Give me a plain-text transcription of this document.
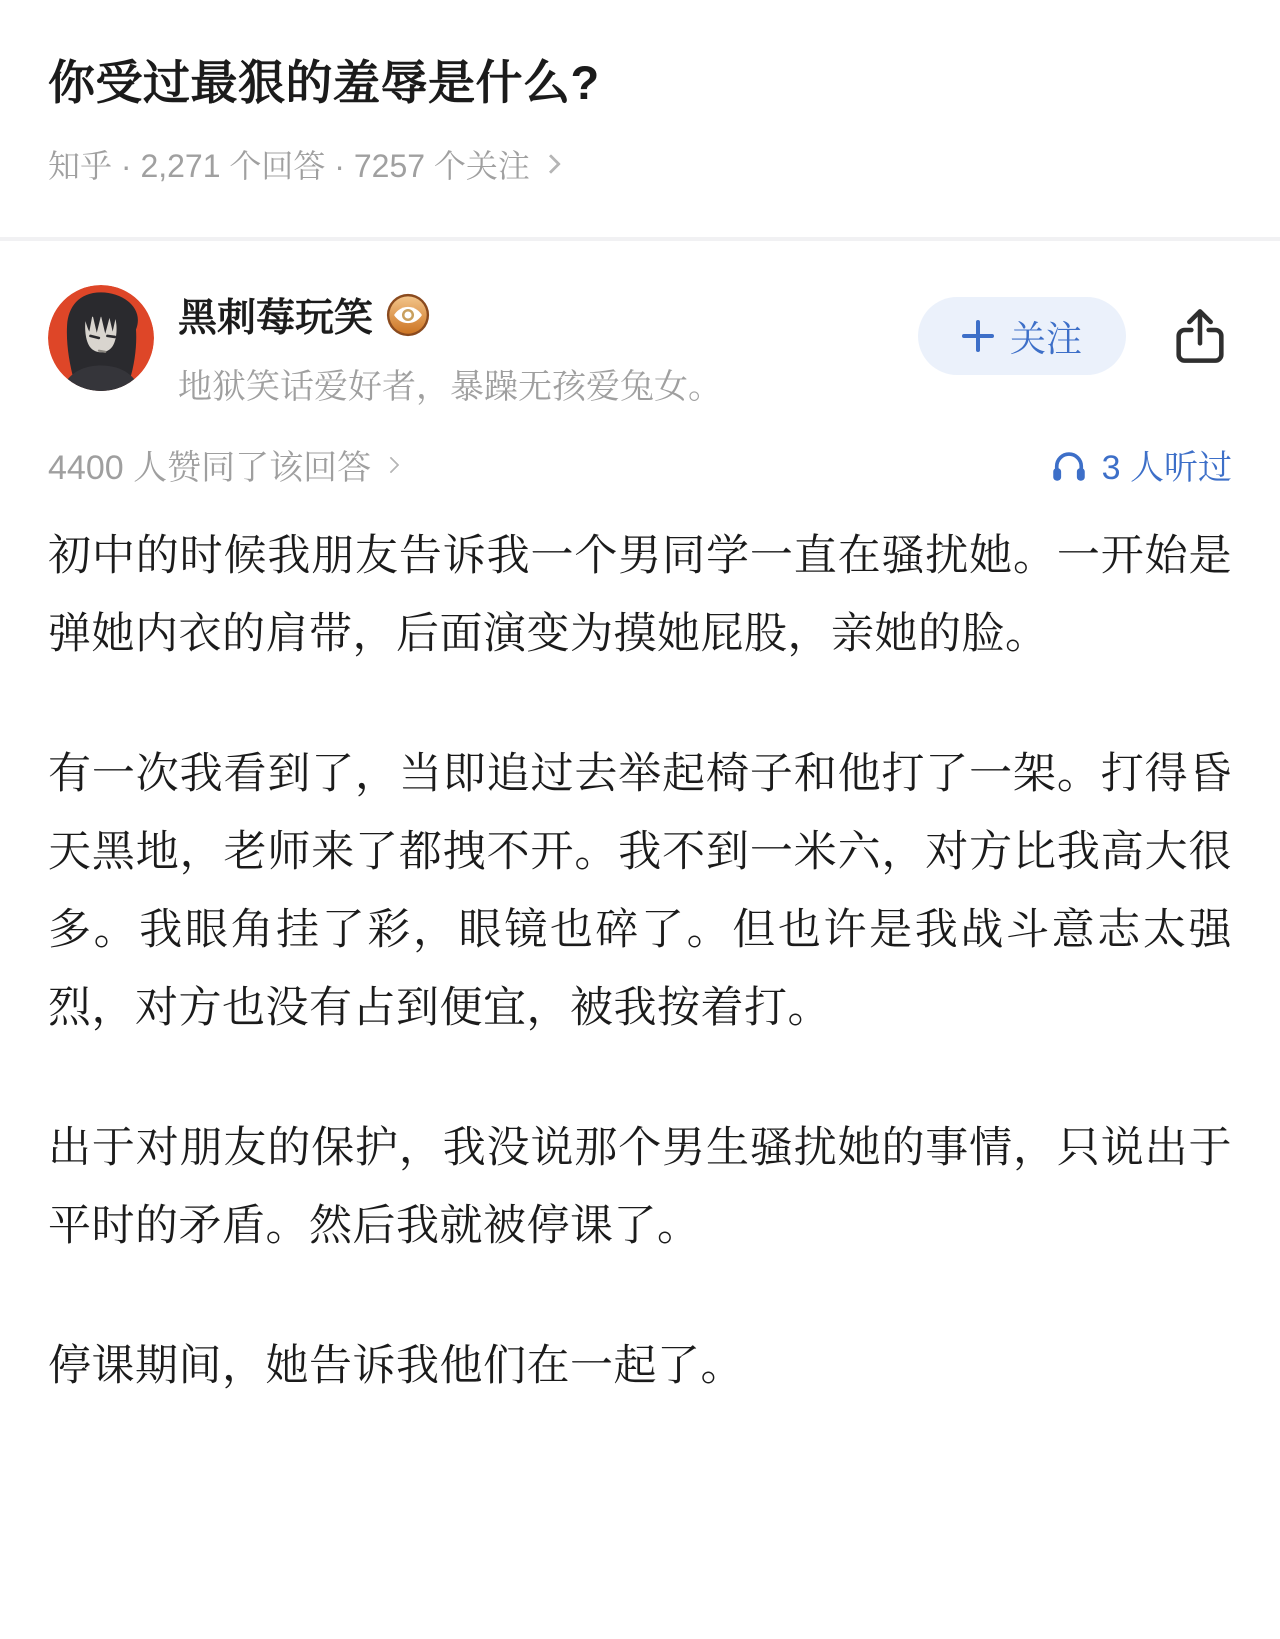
你受过最狠的羞辱是什么?
知乎 · 2,271 个回答 · 7257 个关注
黑刺莓玩笑
地狱笑话爱好者，暴躁无孩爱兔女。
关注
4400 人赞同了该回答	3 人听过

初中的时候我朋友告诉我一个男同学一直在骚扰她。一开始是弹她内衣的肩带，后面演变为摸她屁股，亲她的脸。

有一次我看到了，当即追过去举起椅子和他打了一架。打得昏天黑地，老师来了都拽不开。我不到一米六，对方比我高大很多。我眼角挂了彩，眼镜也碎了。但也许是我战斗意志太强烈，对方也没有占到便宜，被我按着打。

出于对朋友的保护，我没说那个男生骚扰她的事情，只说出于平时的矛盾。然后我就被停课了。

停课期间，她告诉我他们在一起了。
